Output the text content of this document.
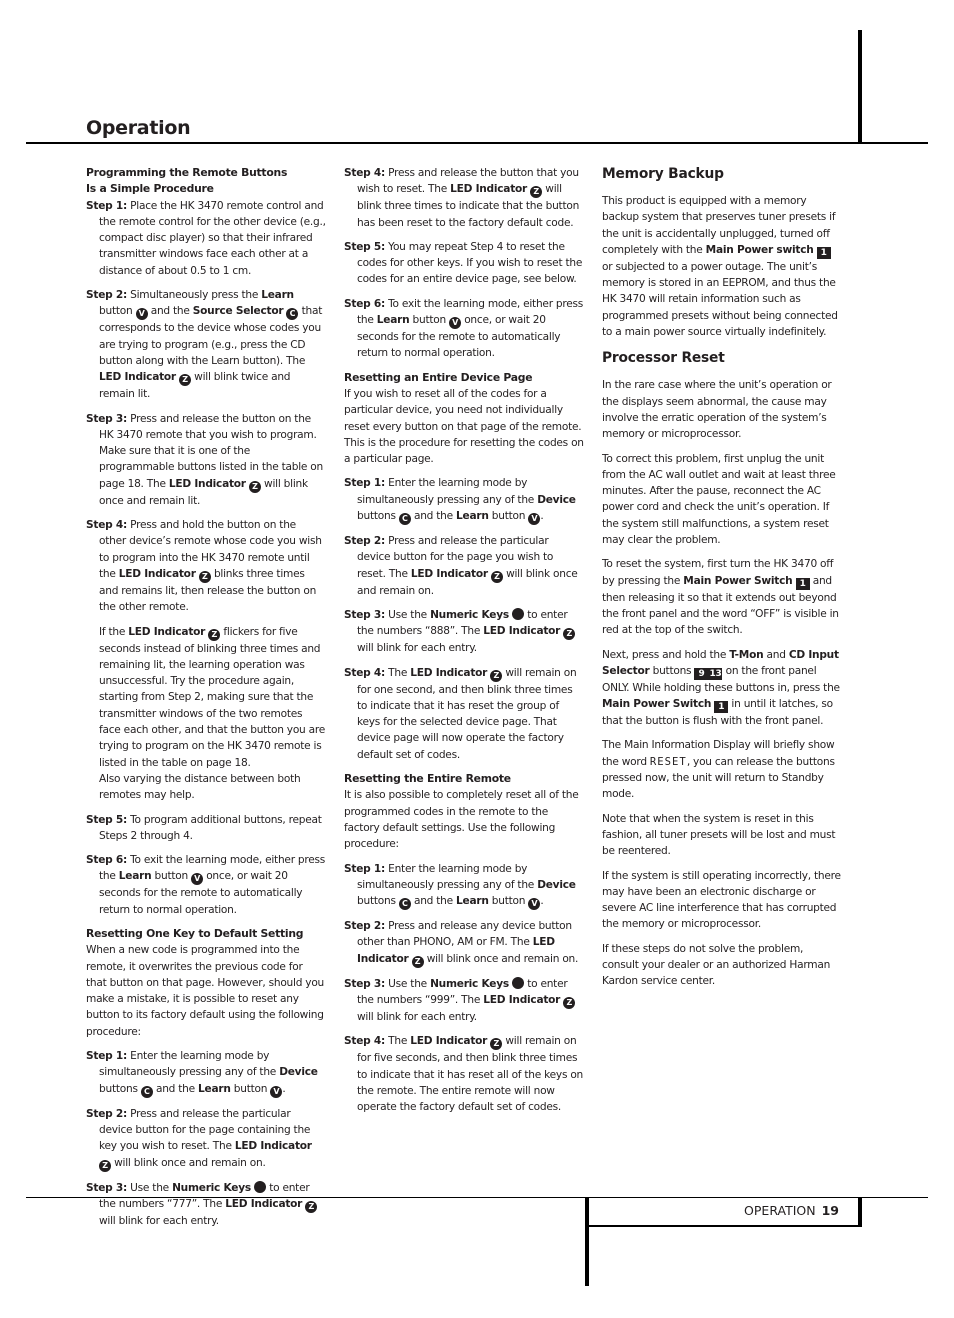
Operation
Programming the Remote Buttons
Is a Simple Procedure

Step 1: Place the HK 3470 remote control and the remote control for the other device (e.g., compact disc player) so that their infrared transmitter windows face each other at a distance of about 0.5 to 1 cm.

Step 2: Simultaneously press the Learn button V and the Source Selector C that corresponds to the device whose codes you are trying to program (e.g., press the CD button along with the Learn button). The LED Indicator Z will blink twice and remain lit.

Step 3: Press and release the button on the HK 3470 remote that you wish to program. Make sure that it is one of the programmable buttons listed in the table on page 18. The LED Indicator Z will blink once and remain lit.

Step 4: Press and hold the button on the other device’s remote whose code you wish to program into the HK 3470 remote until the LED Indicator Z blinks three times and remains lit, then release the button on the other remote.

If the LED Indicator Z flickers for five seconds instead of blinking three times and remaining lit, the learning operation was unsuccessful. Try the procedure again, starting from Step 2, making sure that the transmitter windows of the two remotes face each other, and that the button you are trying to program on the HK 3470 remote is listed in the table on page 18.
Also varying the distance between both remotes may help.

Step 5: To program additional buttons, repeat Steps 2 through 4.

Step 6: To exit the learning mode, either press the Learn button V once, or wait 20 seconds for the remote to automatically return to normal operation.

Resetting One Key to Default Setting

When a new code is programmed into the remote, it overwrites the previous code for that button on that page. However, should you make a mistake, it is possible to reset any button to its factory default using the following procedure:

Step 1: Enter the learning mode by simultaneously pressing any of the Device buttons C and the Learn button V .

Step 2: Press and release the particular device button for the page containing the key you wish to reset. The LED Indicator Z will blink once and remain on.

Step 3: Use the Numeric Keys to enter the numbers “777”. The LED Indicator Z will blink for each entry.

Step 4: Press and release the button that you wish to reset. The LED Indicator Z will blink three times to indicate that the button has been reset to the factory default code.

Step 5: You may repeat Step 4 to reset the codes for other keys. If you wish to reset the codes for an entire device page, see below.

Step 6: To exit the learning mode, either press the Learn button V once, or wait 20 seconds for the remote to automatically return to normal operation.

Resetting an Entire Device Page

If you wish to reset all of the codes for a particular device, you need not individually reset every button on that page of the remote. This is the procedure for resetting the codes on a particular page.

Step 1: Enter the learning mode by simultaneously pressing any of the Device buttons C and the Learn button V .

Step 2: Press and release the particular device button for the page you wish to reset. The LED Indicator Z will blink once and remain on.

Step 3: Use the Numeric Keys to enter the numbers “888”. The LED Indicator Z will blink for each entry.

Step 4: The LED Indicator Z will remain on for one second, and then blink three times to indicate that it has reset the group of keys for the selected device page. That device page will now operate the factory default set of codes.

Resetting the Entire Remote

It is also possible to completely reset all of the programmed codes in the remote to the factory default settings. Use the following procedure:

Step 1: Enter the learning mode by simultaneously pressing any of the Device buttons C and the Learn button V .

Step 2: Press and release any device button other than PHONO, AM or FM. The LED Indicator Z will blink once and remain on.

Step 3: Use the Numeric Keys to enter the numbers “999”. The LED Indicator Z will blink for each entry.

Step 4: The LED Indicator Z will remain on for five seconds, and then blink three times to indicate that it has reset all of the keys on the remote. The entire remote will now operate the factory default set of codes.

Memory Backup

This product is equipped with a memory backup system that preserves tuner presets if the unit is accidentally unplugged, turned off completely with the Main Power switch 1 or subjected to a power outage. The unit’s memory is stored in an EEPROM, and thus the HK 3470 will retain information such as programmed presets without being connected to a main power source virtually indefinitely.

Processor Reset

In the rare case where the unit’s operation or the displays seem abnormal, the cause may involve the erratic operation of the system’s memory or microprocessor.

To correct this problem, first unplug the unit from the AC wall outlet and wait at least three minutes. After the pause, reconnect the AC power cord and check the unit’s operation. If the system still malfunctions, a system reset may clear the problem.

To reset the system, first turn the HK 3470 off by pressing the Main Power Switch 1 and then releasing it so that it extends out beyond the front panel and the word “OFF” is visible in red at the top of the switch.

Next, press and hold the T-Mon and CD Input Selector buttons 9 13 on the front panel ONLY. While holding these buttons in, press the Main Power Switch 1 in until it latches, so that the button is flush with the front panel.

The Main Information Display will briefly show the word RESET, you can release the buttons pressed now, the unit will return to Standby mode.

Note that when the system is reset in this fashion, all tuner presets will be lost and must be reentered.

If the system is still operating incorrectly, there may have been an electronic discharge or severe AC line interference that has corrupted the memory or microprocessor.

If these steps do not solve the problem, consult your dealer or an authorized Harman Kardon service center.

OPERATION 19
